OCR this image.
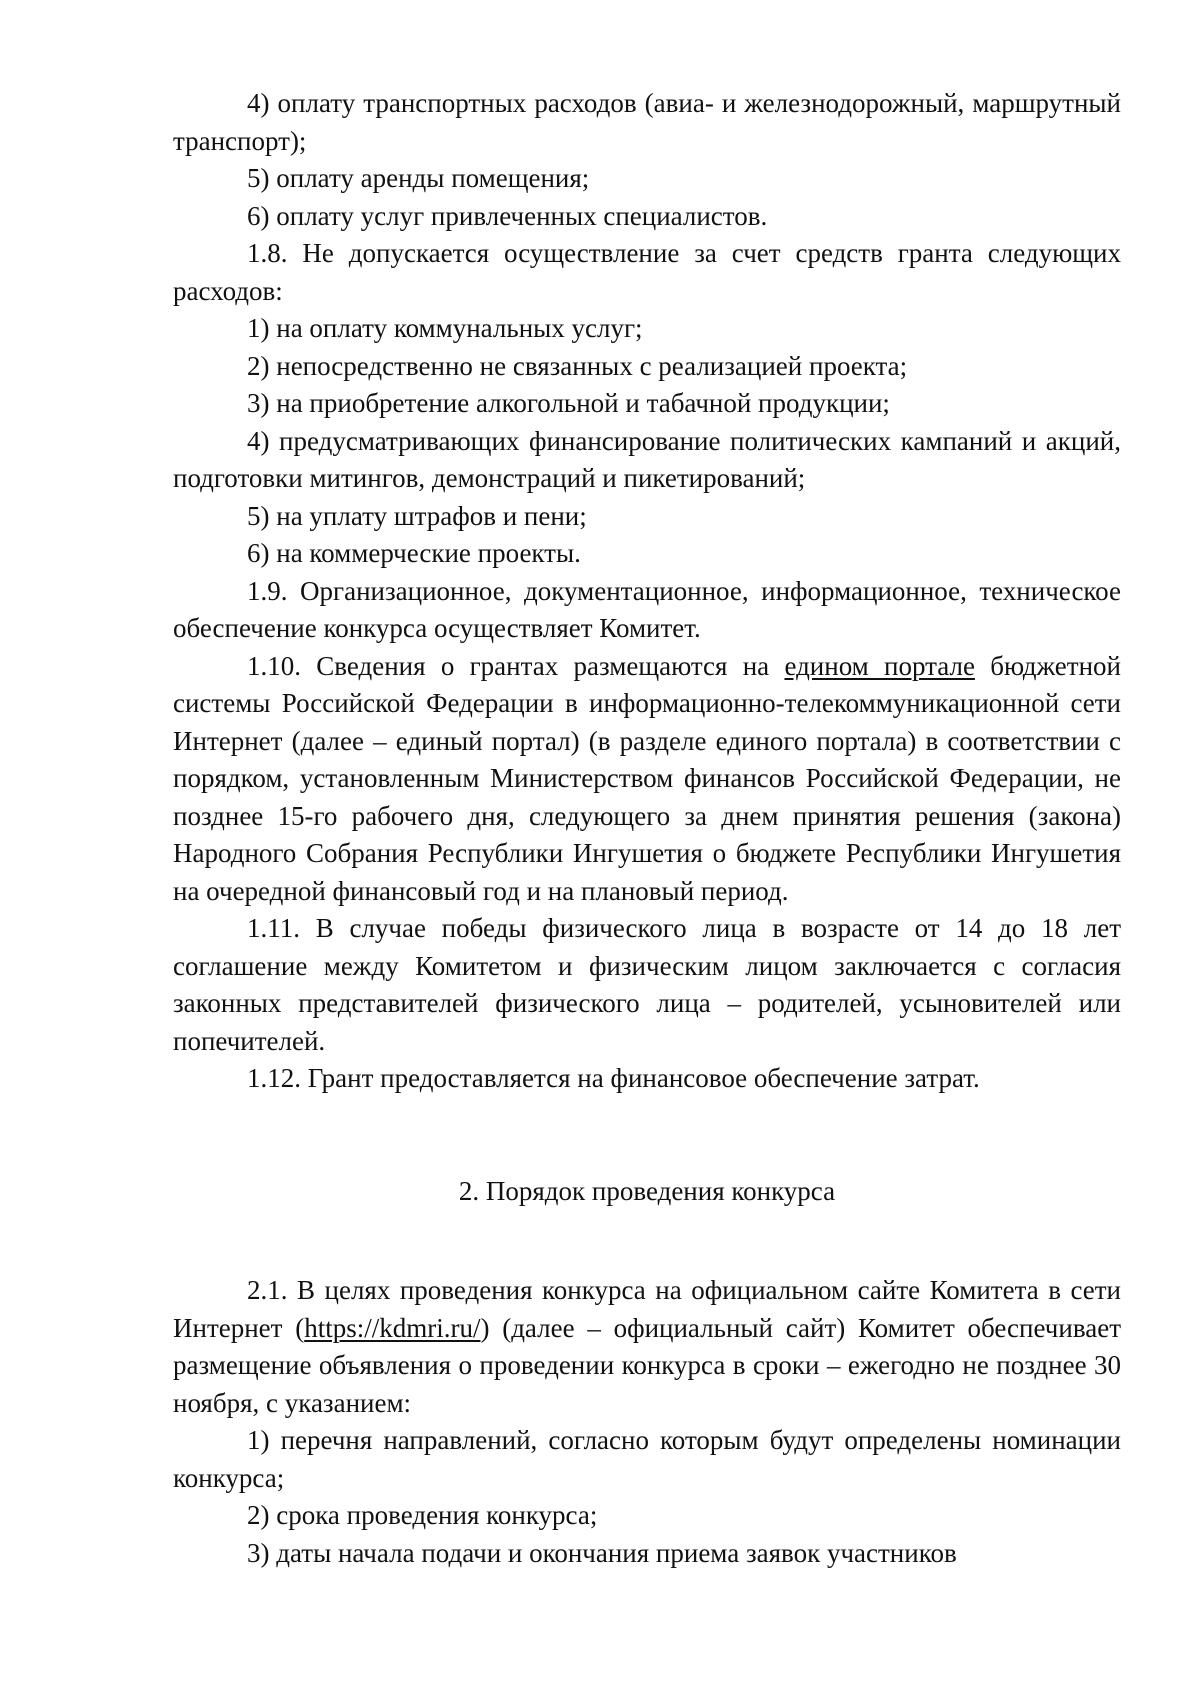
4) оплату транспортных расходов (авиа- и железнодорожный, маршрутный транспорт);

5) оплату аренды помещения;

6) оплату услуг привлеченных специалистов.

1.8. Не допускается осуществление за счет средств гранта следующих расходов:

1) на оплату коммунальных услуг;

2) непосредственно не связанных с реализацией проекта;

3) на приобретение алкогольной и табачной продукции;

4) предусматривающих финансирование политических кампаний и акций, подготовки митингов, демонстраций и пикетирований;

5) на уплату штрафов и пени;

6) на коммерческие проекты.

1.9. Организационное, документационное, информационное, техническое обеспечение конкурса осуществляет Комитет.

1.10. Сведения о грантах размещаются на едином портале бюджетной системы Российской Федерации в информационно-телекоммуникационной сети Интернет (далее – единый портал) (в разделе единого портала) в соответствии с порядком, установленным Министерством финансов Российской Федерации, не позднее 15-го рабочего дня, следующего за днем принятия решения (закона) Народного Собрания Республики Ингушетия о бюджете Республики Ингушетия на очередной финансовый год и на плановый период.

1.11. В случае победы физического лица в возрасте от 14 до 18 лет соглашение между Комитетом и физическим лицом заключается с согласия законных представителей физического лица – родителей, усыновителей или попечителей.

1.12. Грант предоставляется на финансовое обеспечение затрат.

2. Порядок проведения конкурса

2.1. В целях проведения конкурса на официальном сайте Комитета в сети Интернет (https://kdmri.ru/) (далее – официальный сайт) Комитет обеспечивает размещение объявления о проведении конкурса в сроки – ежегодно не позднее 30 ноября, с указанием:

1) перечня направлений, согласно которым будут определены номинации конкурса;

2) срока проведения конкурса;

3) даты начала подачи и окончания приема заявок участников
